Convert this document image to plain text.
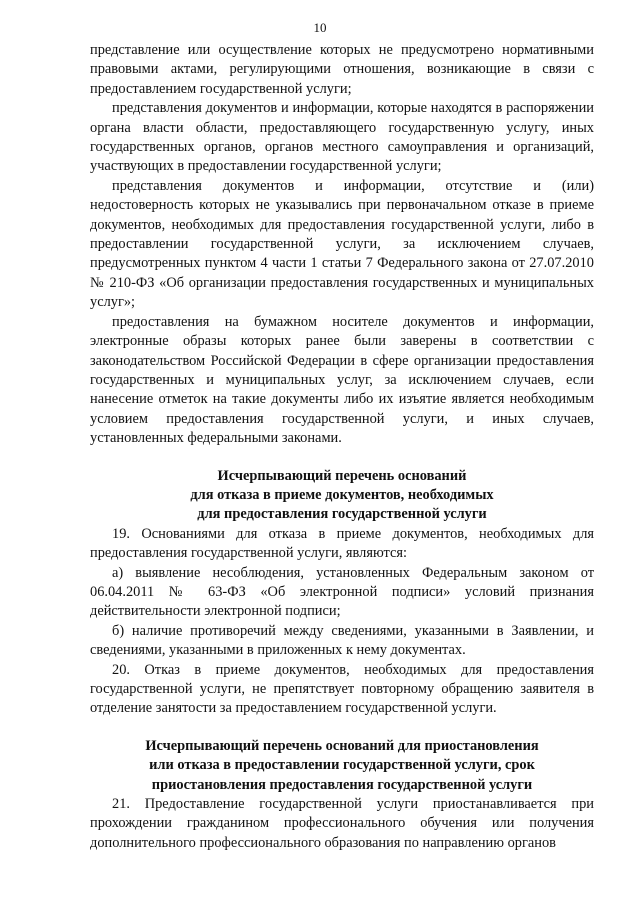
10

представление или осуществление которых не предусмотрено нормативными правовыми актами, регулирующими отношения, возникающие в связи с предоставлением государственной услуги;

представления документов и информации, которые находятся в распоряжении органа власти области, предоставляющего государственную услугу, иных государственных органов, органов местного самоуправления и организаций, участвующих в предоставлении государственной услуги;

представления документов и информации, отсутствие и (или) недостоверность которых не указывались при первоначальном отказе в приеме документов, необходимых для предоставления государственной услуги, либо в предоставлении государственной услуги, за исключением случаев, предусмотренных пунктом 4 части 1 статьи 7 Федерального закона от 27.07.2010 № 210-ФЗ «Об организации предоставления государственных и муниципальных услуг»;

предоставления на бумажном носителе документов и информации, электронные образы которых ранее были заверены в соответствии с законодательством Российской Федерации в сфере организации предоставления государственных и муниципальных услуг, за исключением случаев, если нанесение отметок на такие документы либо их изъятие является необходимым условием предоставления государственной услуги, и иных случаев, установленных федеральными законами.

Исчерпывающий перечень оснований
для отказа в приеме документов, необходимых
для предоставления государственной услуги

19. Основаниями для отказа в приеме документов, необходимых для предоставления государственной услуги, являются:

а) выявление несоблюдения, установленных Федеральным законом от 06.04.2011 № 63-ФЗ «Об электронной подписи» условий признания действительности электронной подписи;

б) наличие противоречий между сведениями, указанными в Заявлении, и сведениями, указанными в приложенных к нему документах.

20. Отказ в приеме документов, необходимых для предоставления государственной услуги, не препятствует повторному обращению заявителя в отделение занятости за предоставлением государственной услуги.

Исчерпывающий перечень оснований для приостановления
или отказа в предоставлении государственной услуги, срок
приостановления предоставления государственной услуги

21. Предоставление государственной услуги приостанавливается при прохождении гражданином профессионального обучения или получения дополнительного профессионального образования по направлению органов
